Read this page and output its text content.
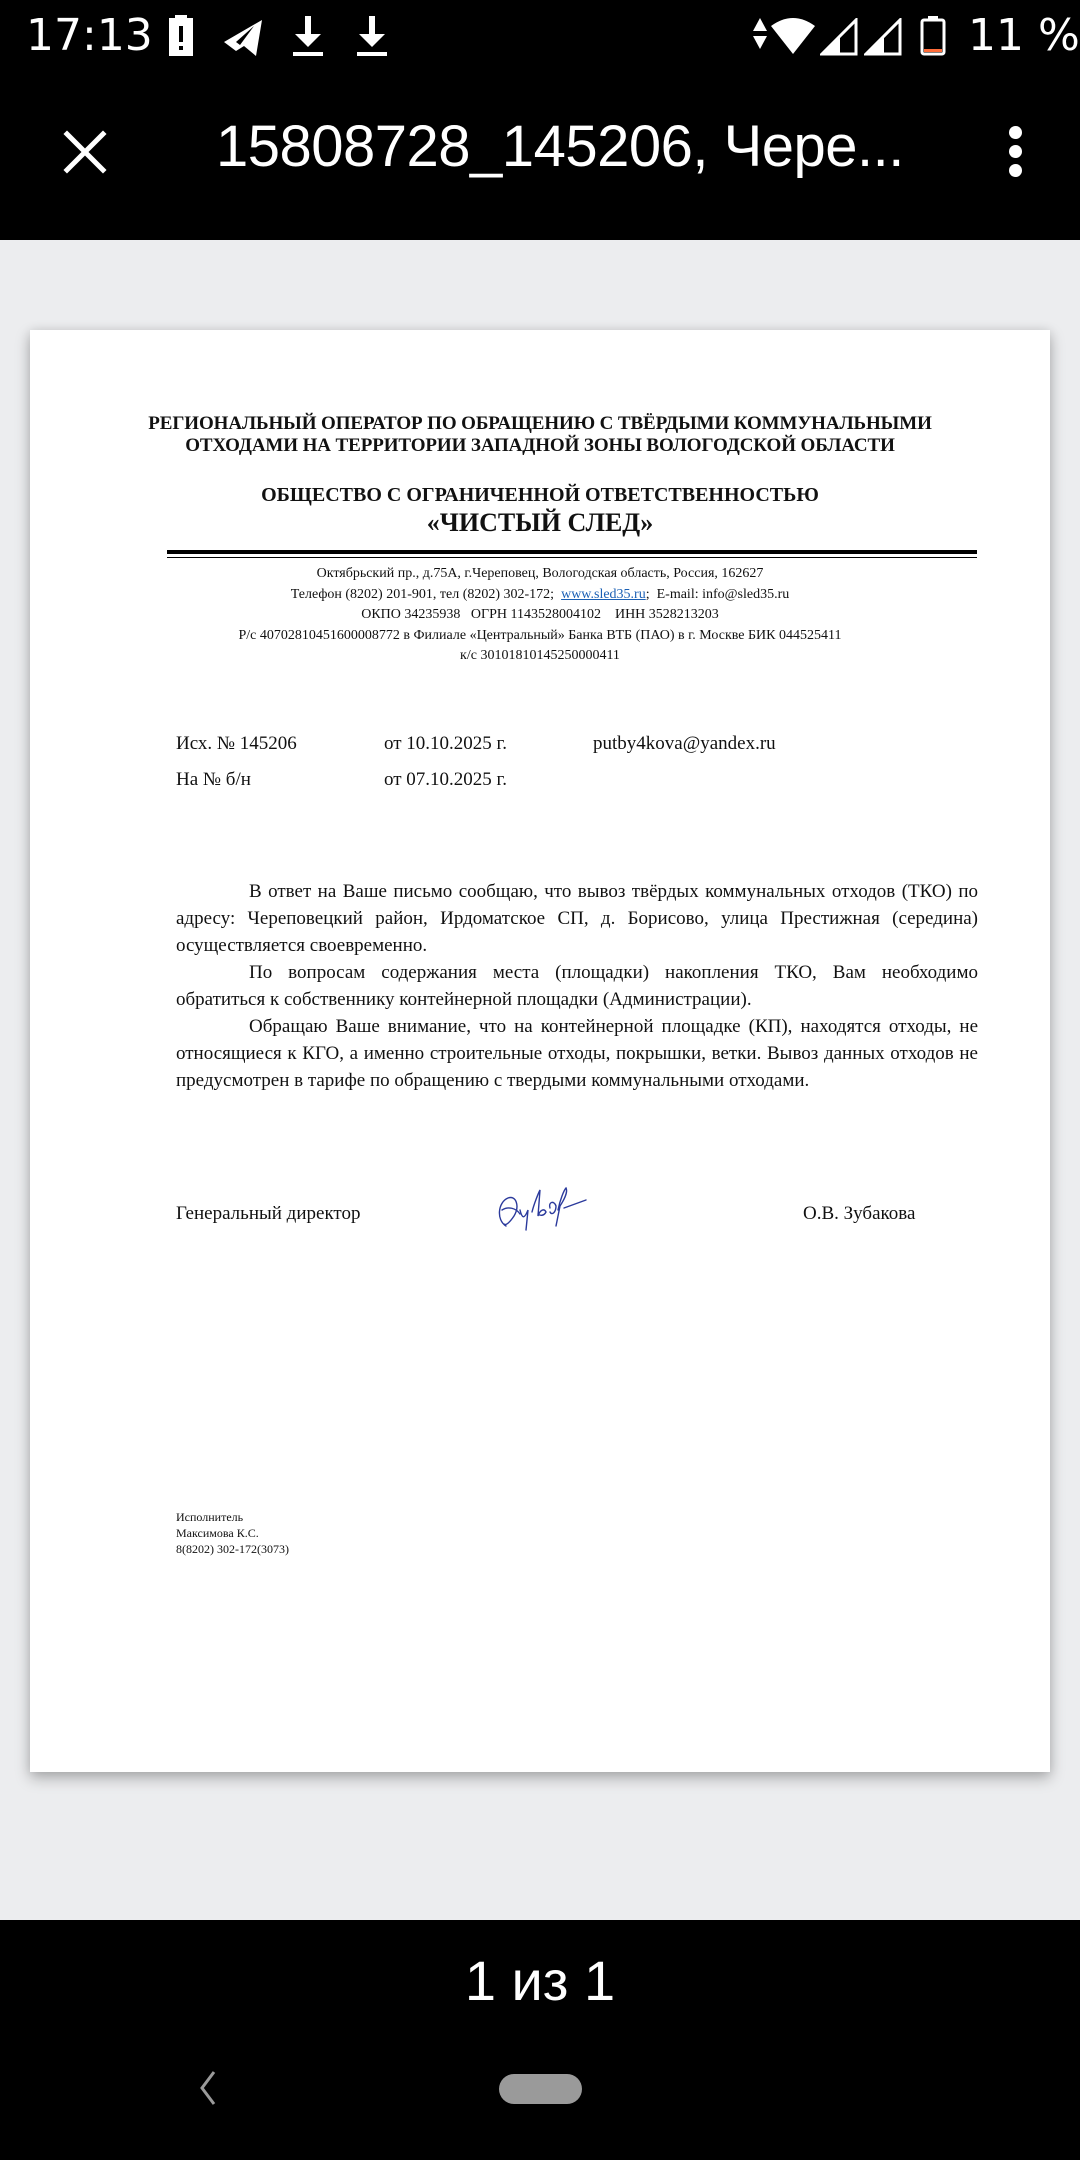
17:13	11 %
15808728_145206, Чере...
РЕГИОНАЛЬНЫЙ ОПЕРАТОР ПО ОБРАЩЕНИЮ С ТВЁРДЫМИ КОММУНАЛЬНЫМИ
ОТХОДАМИ НА ТЕРРИТОРИИ ЗАПАДНОЙ ЗОНЫ ВОЛОГОДСКОЙ ОБЛАСТИ
ОБЩЕСТВО С ОГРАНИЧЕННОЙ ОТВЕТСТВЕННОСТЬЮ
«ЧИСТЫЙ СЛЕД»
Октябрьский пр., д.75А, г.Череповец, Вологодская область, Россия, 162627
Телефон (8202) 201-901, тел (8202) 302-172;  www.sled35.ru;  E-mail: info@sled35.ru
ОКПО 34235938   ОГРН 1143528004102    ИНН 3528213203
Р/с 40702810451600008772 в Филиале «Центральный» Банка ВТБ (ПАО) в г. Москве БИК 044525411
к/с 30101810145250000411
Исх. № 145206	от 10.10.2025 г.	putby4kova@yandex.ru
На № б/н	от 07.10.2025 г.

В ответ на Ваше письмо сообщаю, что вывоз твёрдых коммунальных отходов (ТКО) по адресу: Череповецкий район, Ирдоматское СП, д. Борисово, улица Престижная (середина) осуществляется своевременно.

По вопросам содержания места (площадки) накопления ТКО, Вам необходимо обратиться к собственнику контейнерной площадки (Администрации).

Обращаю Ваше внимание, что на контейнерной площадке (КП), находятся отходы, не относящиеся к КГО, а именно строительные отходы, покрышки, ветки. Вывоз данных отходов не предусмотрен в тарифе по обращению с твердыми коммунальными отходами.

Генеральный директор	О.В. Зубакова
Исполнитель
Максимова К.С.
8(8202) 302-172(3073)
1 из 1
